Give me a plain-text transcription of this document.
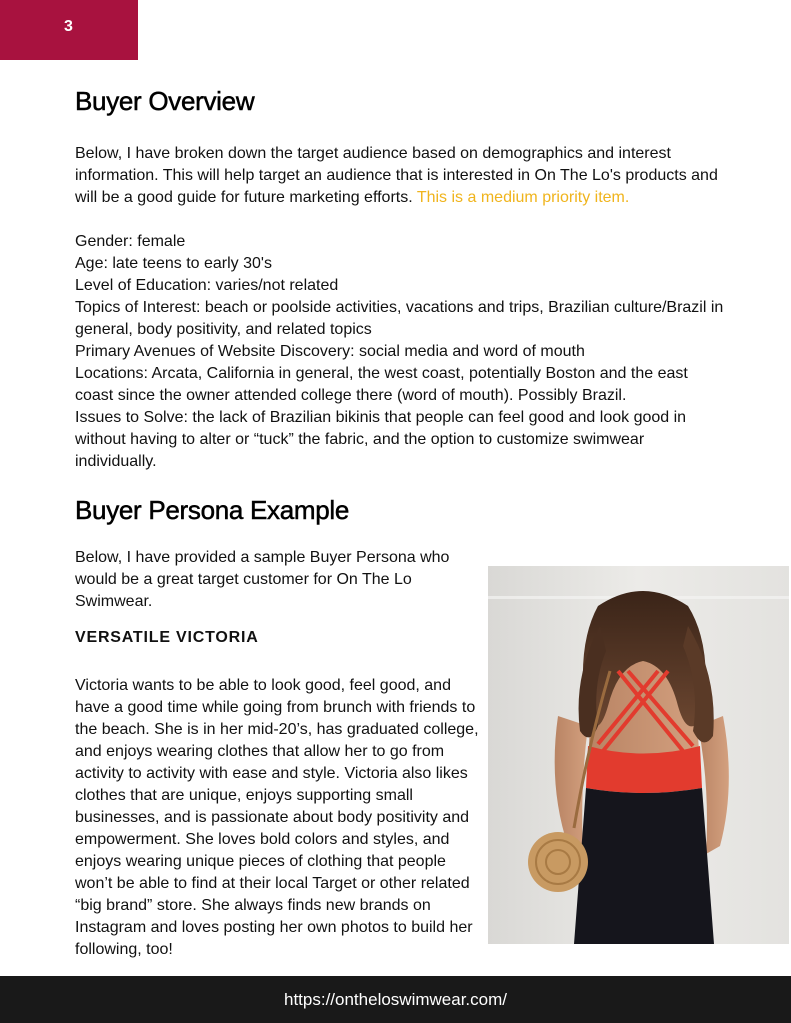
3
Buyer Overview

Below, I have broken down the target audience based on demographics and interest information. This will help target an audience that is interested in On The Lo's products and will be a good guide for future marketing efforts. This is a medium priority item.

Gender: female
Age: late teens to early 30's
Level of Education: varies/not related
Topics of Interest: beach or poolside activities, vacations and trips, Brazilian culture/Brazil in general, body positivity, and related topics
Primary Avenues of Website Discovery: social media and word of mouth
Locations: Arcata, California in general, the west coast, potentially Boston and the east coast since the owner attended college there (word of mouth). Possibly Brazil.
Issues to Solve: the lack of Brazilian bikinis that people can feel good and look good in without having to alter or “tuck” the fabric, and the option to customize swimwear individually.
Buyer Persona Example
Below, I have provided a sample Buyer Persona who would be a great target customer for On The Lo Swimwear.
VERSATILE VICTORIA
Victoria wants to be able to look good, feel good, and have a good time while going from brunch with friends to the beach. She is in her mid-20’s, has graduated college, and enjoys wearing clothes that allow her to go from activity to activity with ease and style. Victoria also likes clothes that are unique, enjoys supporting small businesses, and is passionate about body positivity and empowerment. She loves bold colors and styles, and enjoys wearing unique pieces of clothing that people won’t be able to find at their local Target or other related “big brand” store. She always finds new brands on Instagram and loves posting her own photos to build her following, too!
https://ontheloswimwear.com/
